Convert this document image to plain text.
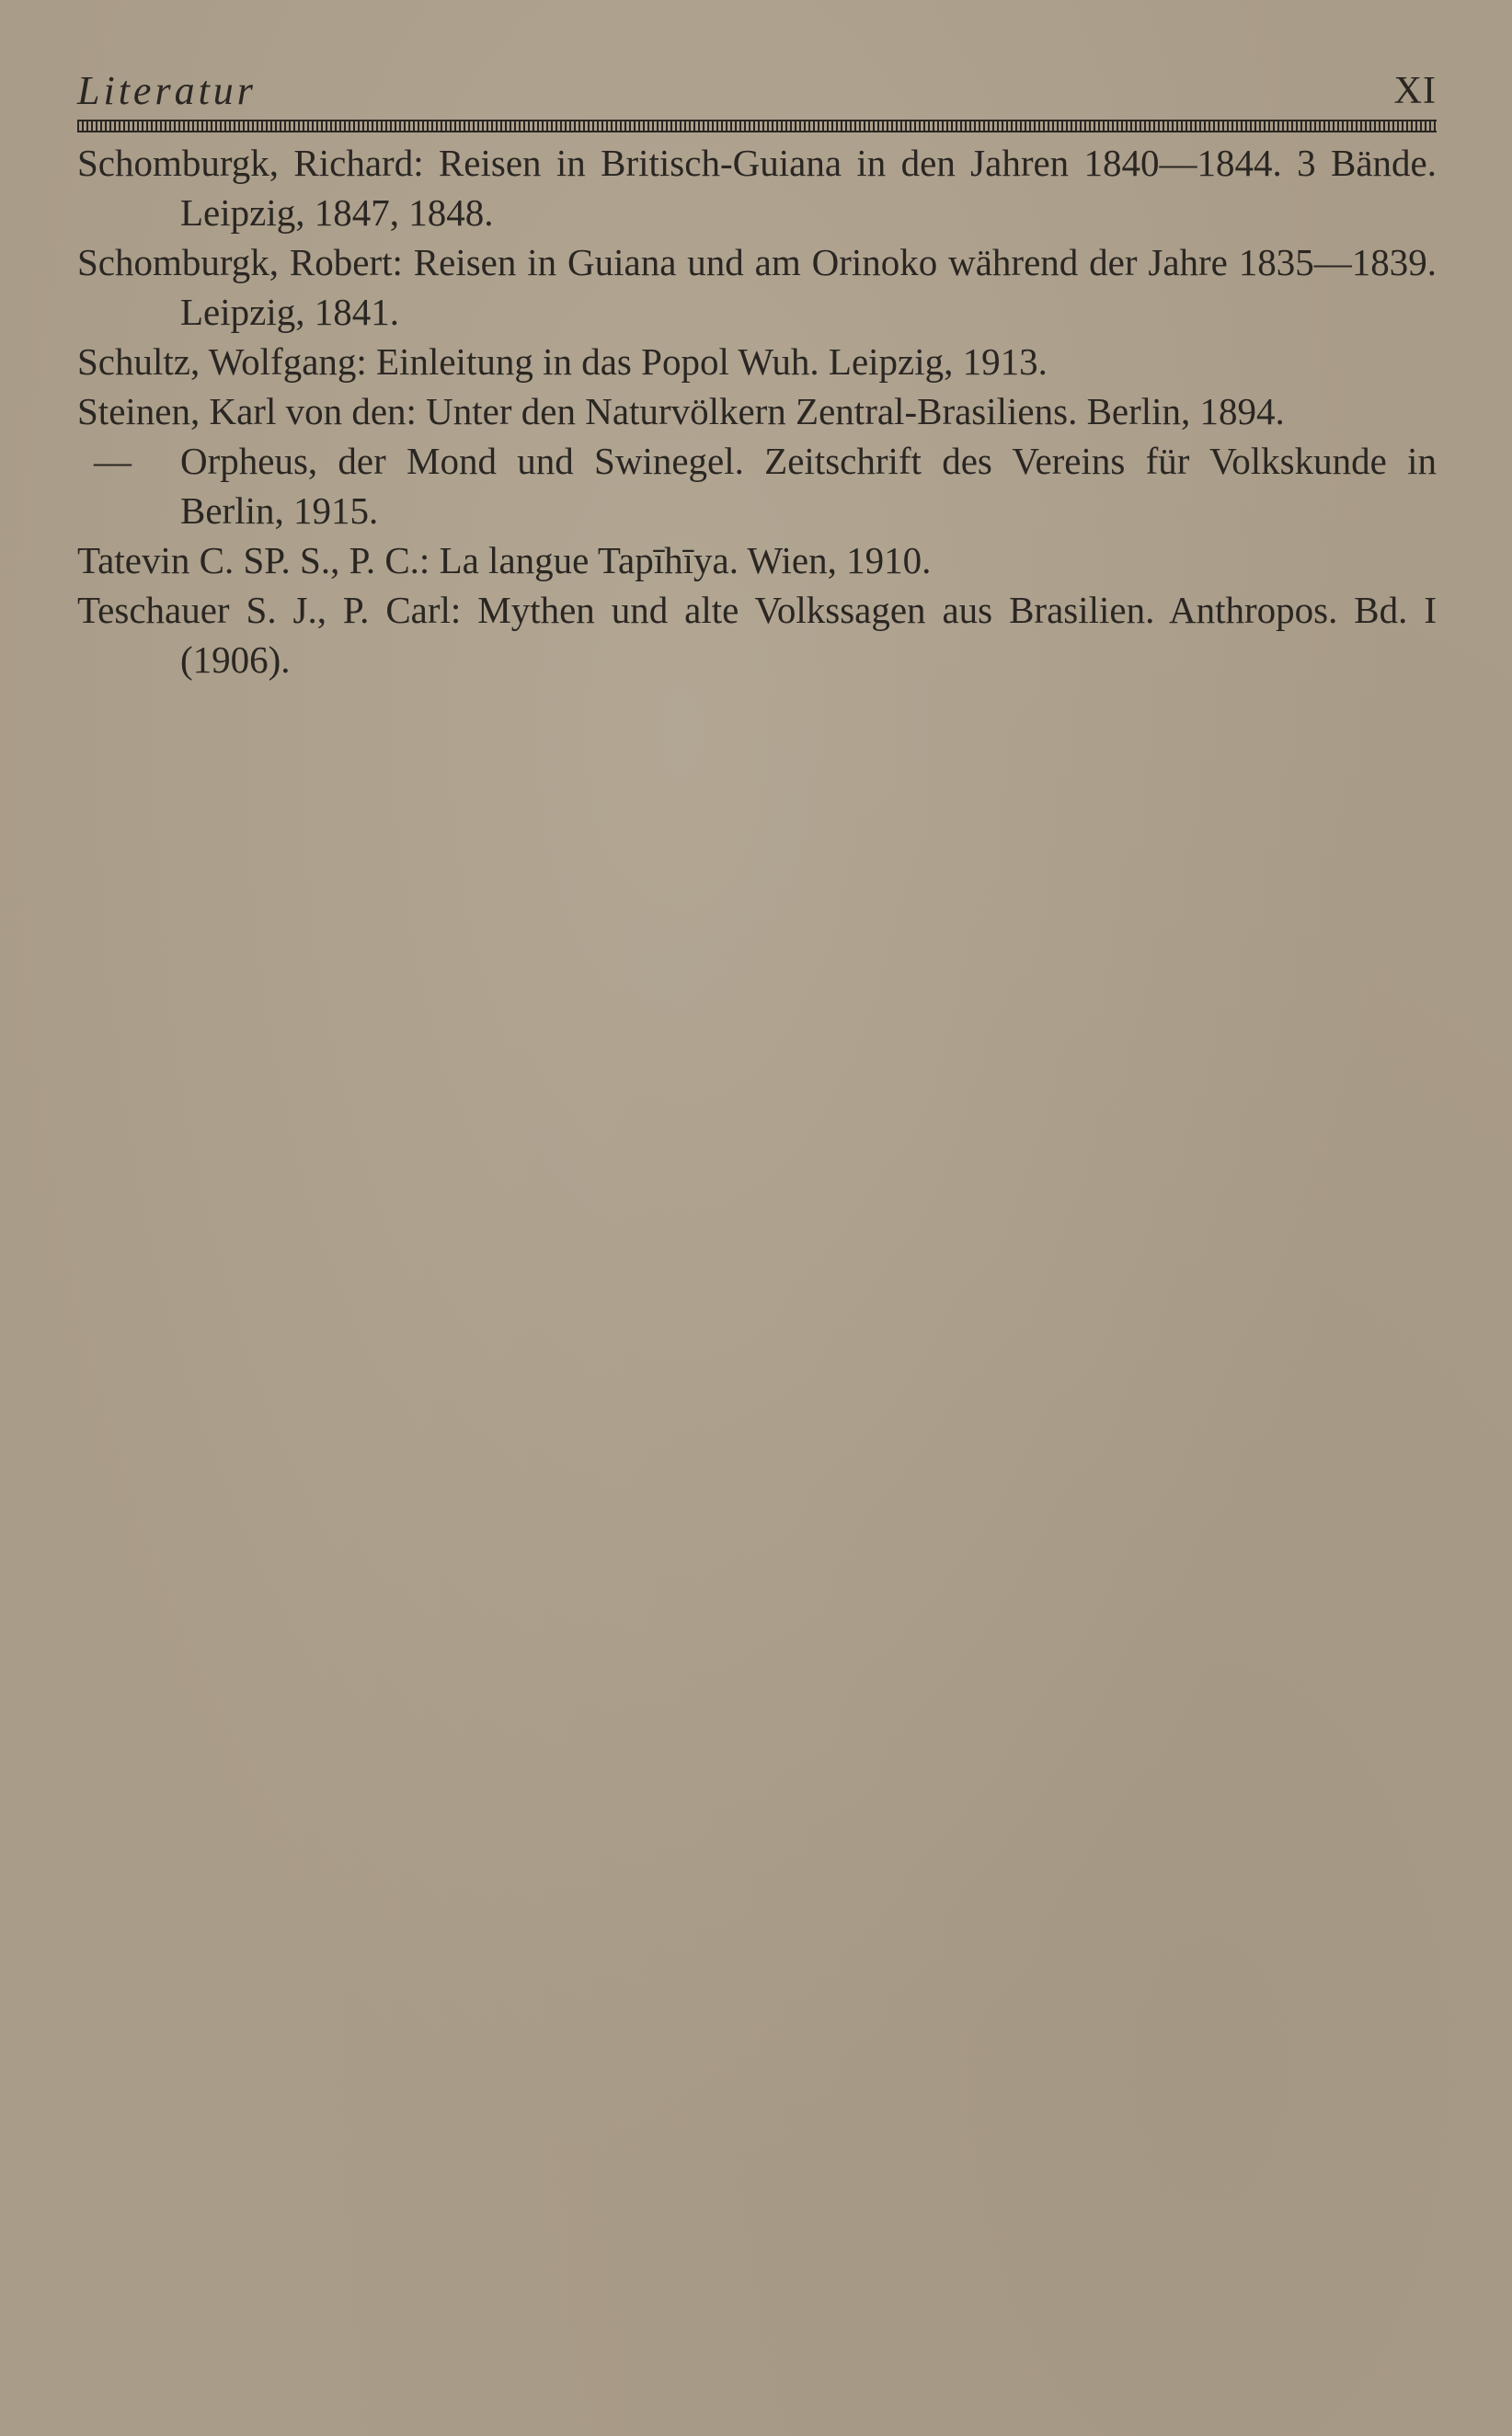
Literatur	XI

Schomburgk, Richard: Reisen in Britisch-Guiana in den Jahren 1840—1844. 3 Bände. Leipzig, 1847, 1848.

Schomburgk, Robert: Reisen in Guiana und am Orinoko während der Jahre 1835—1839. Leipzig, 1841.

Schultz, Wolfgang: Einleitung in das Popol Wuh. Leipzig, 1913.

Steinen, Karl von den: Unter den Naturvölkern Zentral-Brasiliens. Berlin, 1894.

— Orpheus, der Mond und Swinegel. Zeitschrift des Vereins für Volkskunde in Berlin, 1915.

Tatevin C. SP. S., P. C.: La langue Tapīhīya. Wien, 1910.

Teschauer S. J., P. Carl: Mythen und alte Volkssagen aus Brasilien. Anthropos. Bd. I (1906).
